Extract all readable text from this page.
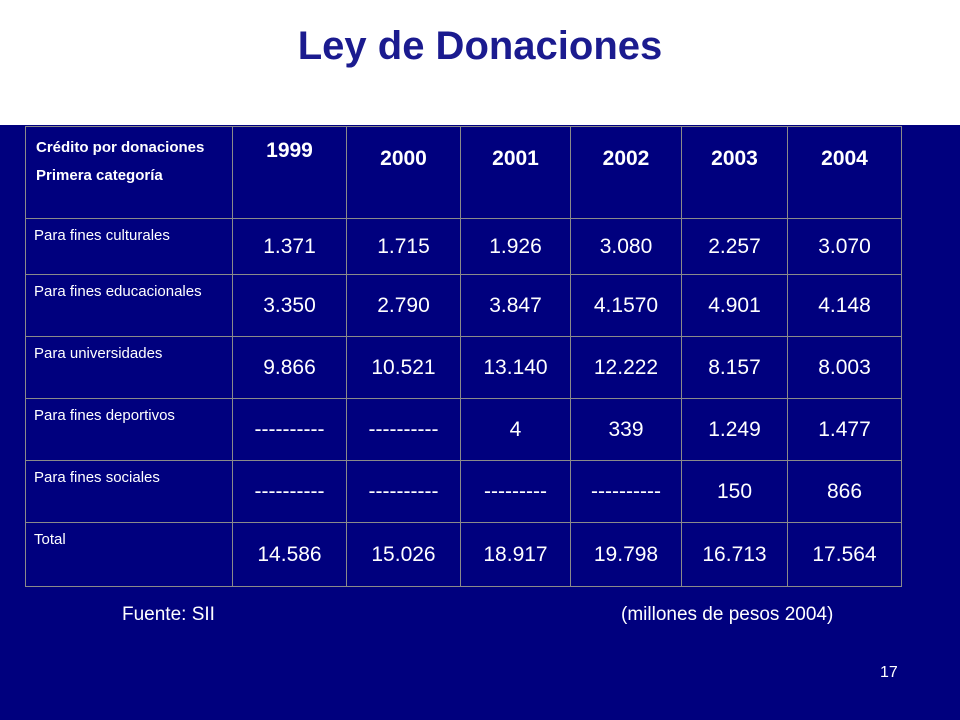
Ley de Donaciones
Crédito por donaciones
Primera categoría	1999	2000	2001	2002	2003	2004
Para fines culturales	1.371	1.715	1.926	3.080	2.257	3.070
Para fines educacionales	3.350	2.790	3.847	4.1570	4.901	4.148
Para universidades	9.866	10.521	13.140	12.222	8.157	8.003
Para fines deportivos	----------	----------	4	339	1.249	1.477
Para fines sociales	----------	----------	---------	----------	150	866
Total	14.586	15.026	18.917	19.798	16.713	17.564
Fuente: SII	(millones de pesos 2004)
17
